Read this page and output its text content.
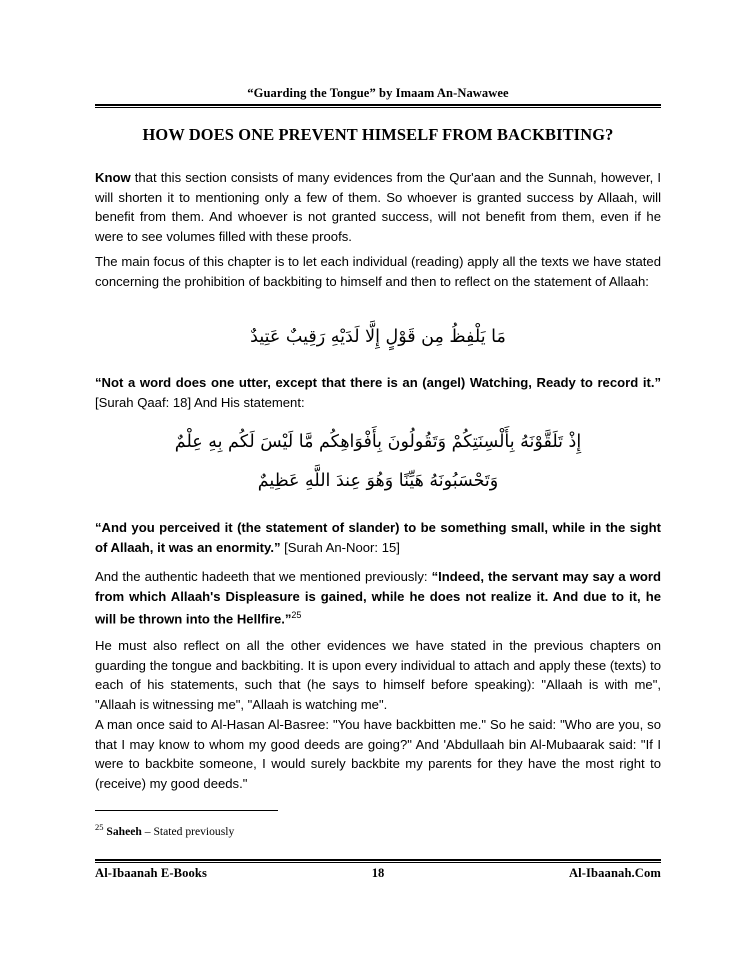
“Guarding the Tongue” by Imaam An-Nawawee
HOW DOES ONE PREVENT HIMSELF FROM BACKBITING?
Know that this section consists of many evidences from the Qur'aan and the Sunnah, however, I will shorten it to mentioning only a few of them. So whoever is granted success by Allaah, will benefit from them. And whoever is not granted success, will not benefit from them, even if he were to see volumes filled with these proofs.
The main focus of this chapter is to let each individual (reading) apply all the texts we have stated concerning the prohibition of backbiting to himself and then to reflect on the statement of Allaah:
مَا يَلْفِظُ مِن قَوْلٍ إِلَّا لَدَيْهِ رَقِيبٌ عَتِيدٌ
“Not a word does one utter, except that there is an (angel) Watching, Ready to record it.” [Surah Qaaf: 18] And His statement:
إِذْ تَلَقَّوْنَهُ بِأَلْسِنَتِكُمْ وَتَقُولُونَ بِأَفْوَاهِكُم مَّا لَيْسَ لَكُم بِهِ عِلْمٌ
وَتَحْسَبُونَهُ هَيِّنًا وَهُوَ عِندَ اللَّهِ عَظِيمٌ
“And you perceived it (the statement of slander) to be something small, while in the sight of Allaah, it was an enormity.” [Surah An-Noor: 15]
And the authentic hadeeth that we mentioned previously: “Indeed, the servant may say a word from which Allaah's Displeasure is gained, while he does not realize it. And due to it, he will be thrown into the Hellfire.”$^{25}$
He must also reflect on all the other evidences we have stated in the previous chapters on guarding the tongue and backbiting. It is upon every individual to attach and apply these (texts) to each of his statements, such that (he says to himself before speaking): "Allaah is with me", "Allaah is witnessing me", "Allaah is watching me".
A man once said to Al-Hasan Al-Basree: "You have backbitten me." So he said: "Who are you, so that I may know to whom my good deeds are going?" And 'Abdullaah bin Al-Mubaarak said: "If I were to backbite someone, I would surely backbite my parents for they have the most right to (receive) my good deeds."
$^{25}$ Saheeh – Stated previously
Al-Ibaanah E-Books	Al-Ibaanah.Com
18
